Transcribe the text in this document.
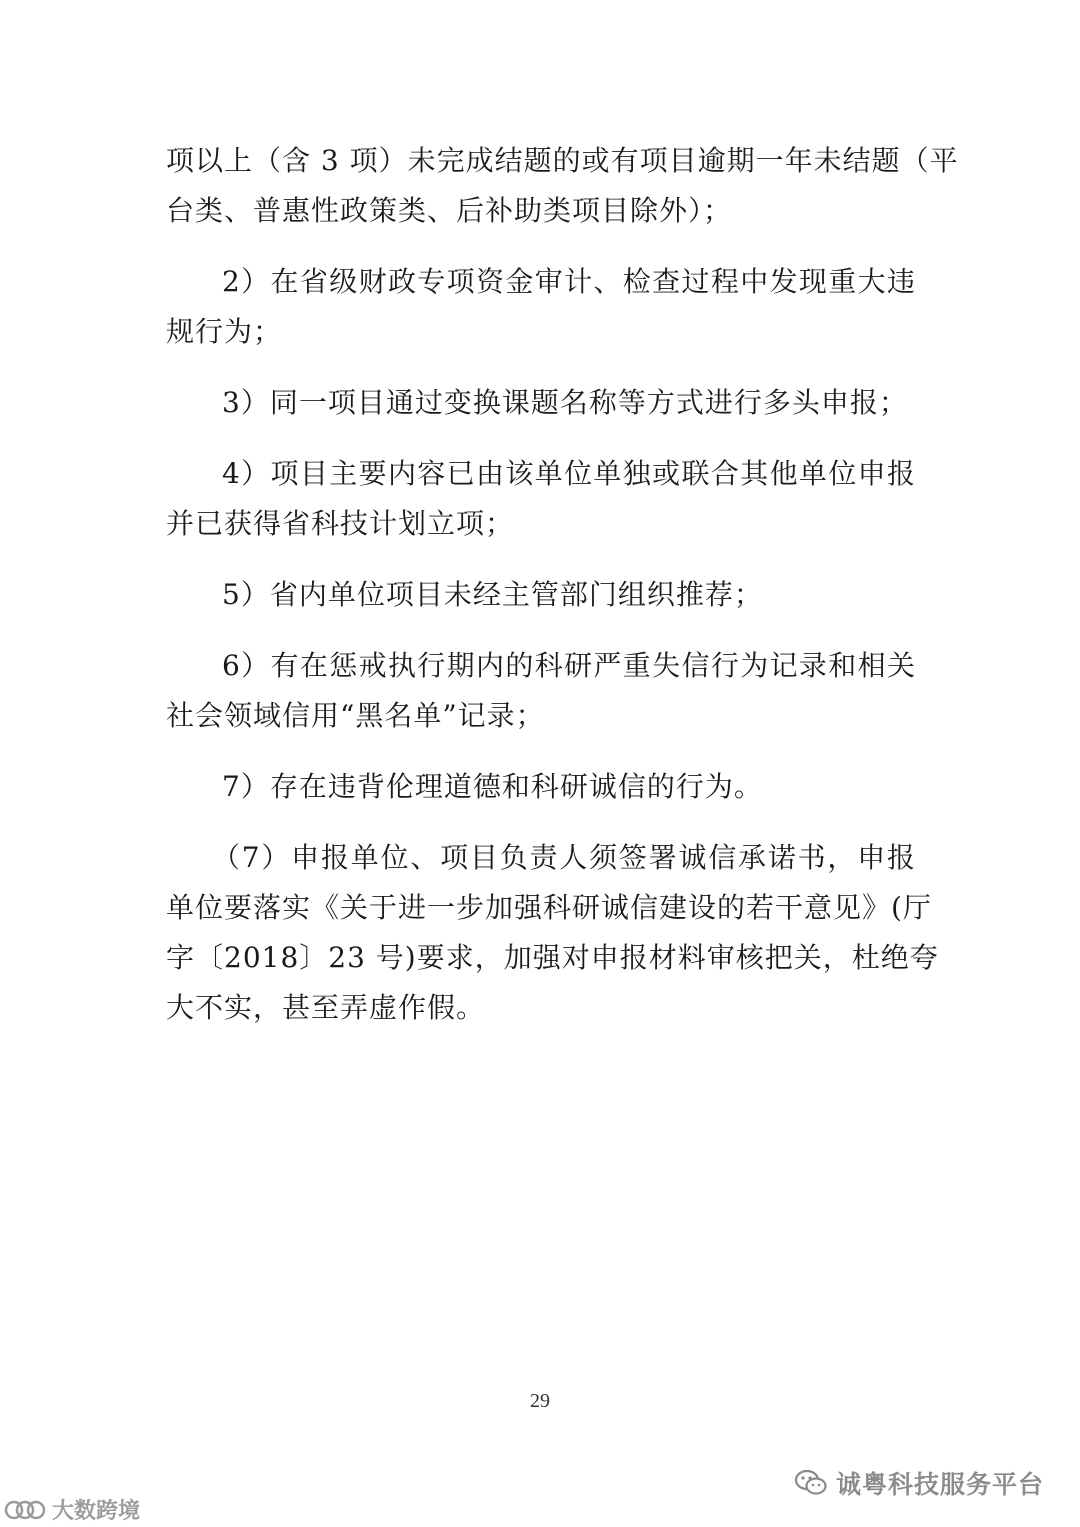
项以上（含 3 项）未完成结题的或有项目逾期一年未结题（平
台类、普惠性政策类、后补助类项目除外）；
2）在省级财政专项资金审计、检查过程中发现重大违
规行为；
3）同一项目通过变换课题名称等方式进行多头申报；
4）项目主要内容已由该单位单独或联合其他单位申报
并已获得省科技计划立项；
5）省内单位项目未经主管部门组织推荐；
6）有在惩戒执行期内的科研严重失信行为记录和相关
社会领域信用“黑名单”记录；
7）存在违背伦理道德和科研诚信的行为。
（7）申报单位、项目负责人须签署诚信承诺书，申报
单位要落实《关于进一步加强科研诚信建设的若干意见》(厅
字〔2018〕23 号)要求，加强对申报材料审核把关，杜绝夸
大不实，甚至弄虚作假。
29
诚粤科技服务平台
大数跨境
